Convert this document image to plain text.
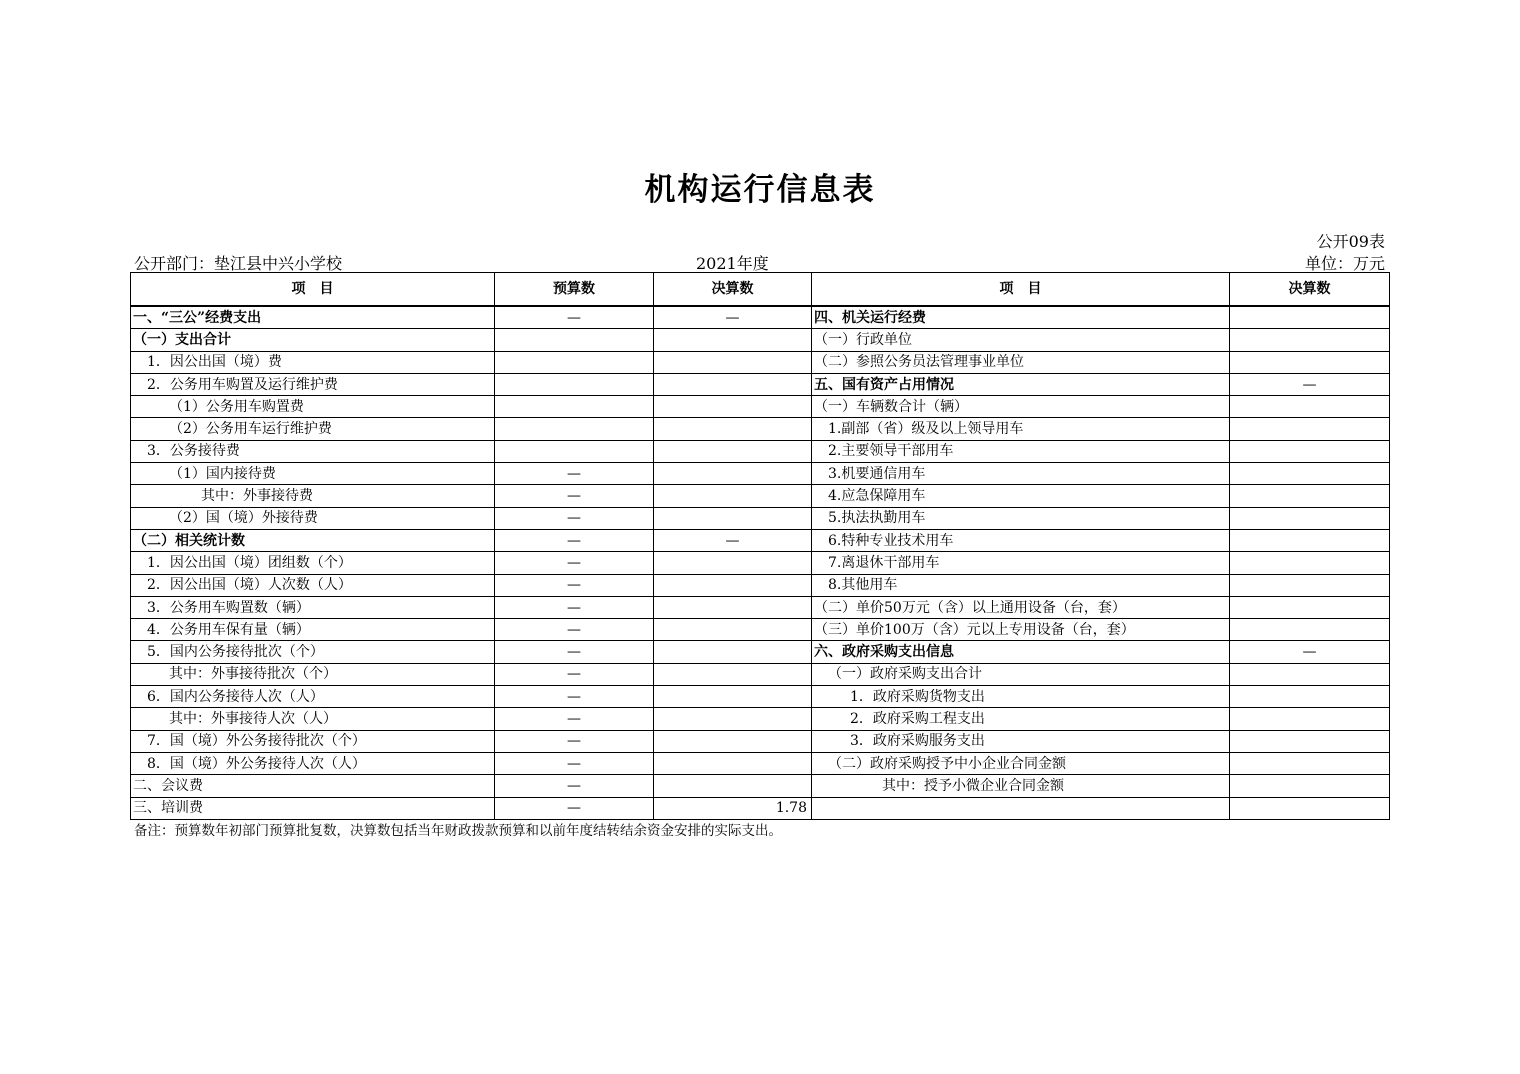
机构运行信息表
公开09表
公开部门：垫江县中兴小学校	2021年度	单位：万元
项　目	预算数	决算数	项　目	决算数
一、“三公”经费支出	—	—	四、机关运行经费	
（一）支出合计			（一）行政单位	
1．因公出国（境）费			（二）参照公务员法管理事业单位	
2．公务用车购置及运行维护费			五、国有资产占用情况	—
（1）公务用车购置费			（一）车辆数合计（辆）	
（2）公务用车运行维护费			1.副部（省）级及以上领导用车	
3．公务接待费			2.主要领导干部用车	
（1）国内接待费	—		3.机要通信用车	
其中：外事接待费	—		4.应急保障用车	
（2）国（境）外接待费	—		5.执法执勤用车	
（二）相关统计数	—	—	6.特种专业技术用车	
1．因公出国（境）团组数（个）	—		7.离退休干部用车	
2．因公出国（境）人次数（人）	—		8.其他用车	
3．公务用车购置数（辆）	—		（二）单价50万元（含）以上通用设备（台，套）	
4．公务用车保有量（辆）	—		（三）单价100万（含）元以上专用设备（台，套）	
5．国内公务接待批次（个）	—		六、政府采购支出信息	—
其中：外事接待批次（个）	—		（一）政府采购支出合计	
6．国内公务接待人次（人）	—		1．政府采购货物支出	
其中：外事接待人次（人）	—		2．政府采购工程支出	
7．国（境）外公务接待批次（个）	—		3．政府采购服务支出	
8．国（境）外公务接待人次（人）	—		（二）政府采购授予中小企业合同金额	
二、会议费	—		其中：授予小微企业合同金额	
三、培训费	—	1.78		
备注：预算数年初部门预算批复数，决算数包括当年财政拨款预算和以前年度结转结余资金安排的实际支出。
